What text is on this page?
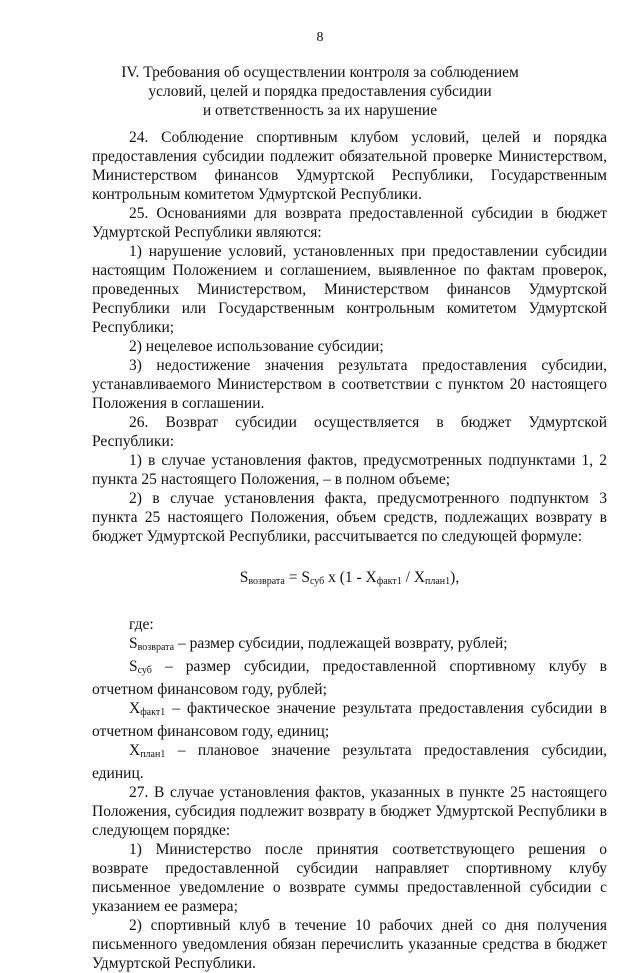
8
IV. Требования об осуществлении контроля за соблюдением
условий, целей и порядка предоставления субсидии
и ответственность за их нарушение

24. Соблюдение спортивным клубом условий, целей и порядка предоставления субсидии подлежит обязательной проверке Министерством, Министерством финансов Удмуртской Республики, Государственным контрольным комитетом Удмуртской Республики.

25. Основаниями для возврата предоставленной субсидии в бюджет Удмуртской Республики являются:

1) нарушение условий, установленных при предоставлении субсидии настоящим Положением и соглашением, выявленное по фактам проверок, проведенных Министерством, Министерством финансов Удмуртской Республики или Государственным контрольным комитетом Удмуртской Республики;

2) нецелевое использование субсидии;

3) недостижение значения результата предоставления субсидии, устанавливаемого Министерством в соответствии с пунктом 20 настоящего Положения в соглашении.

26. Возврат субсидии осуществляется в бюджет Удмуртской Республики:

1) в случае установления фактов, предусмотренных подпунктами 1, 2 пункта 25 настоящего Положения, – в полном объеме;

2) в случае установления факта, предусмотренного подпунктом 3 пункта 25 настоящего Положения, объем средств, подлежащих возврату в бюджет Удмуртской Республики, рассчитывается по следующей формуле:

$S_{возврата} = S_{суб}$ х $(1 - X_{факт1} / X_{план1})$,

где:

$S_{возврата}$ – размер субсидии, подлежащей возврату, рублей;

$S_{суб}$ – размер субсидии, предоставленной спортивному клубу в отчетном финансовом году, рублей;

$X_{факт1}$ – фактическое значение результата предоставления субсидии в отчетном финансовом году, единиц;

$X_{план1}$ – плановое значение результата предоставления субсидии, единиц.

27. В случае установления фактов, указанных в пункте 25 настоящего Положения, субсидия подлежит возврату в бюджет Удмуртской Республики в следующем порядке:

1) Министерство после принятия соответствующего решения о возврате предоставленной субсидии направляет спортивному клубу письменное уведомление о возврате суммы предоставленной субсидии с указанием ее размера;

2) спортивный клуб в течение 10 рабочих дней со дня получения письменного уведомления обязан перечислить указанные средства в бюджет Удмуртской Республики.
